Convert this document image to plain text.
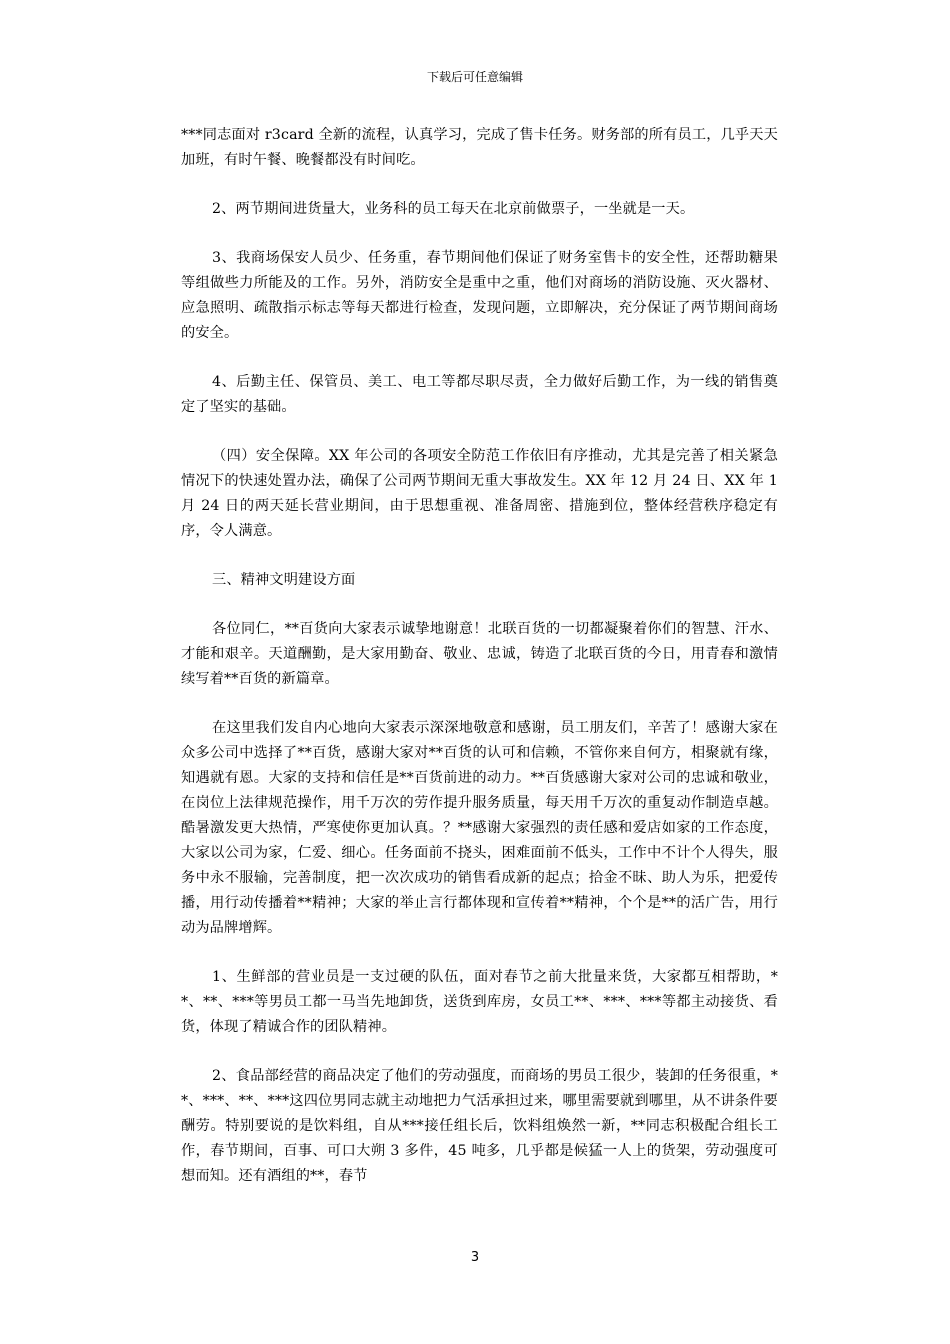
下载后可任意编辑

***同志面对 r3card 全新的流程，认真学习，完成了售卡任务。财务部的所有员工，几乎天天加班，有时午餐、晚餐都没有时间吃。

2、两节期间进货量大，业务科的员工每天在北京前做票子，一坐就是一天。

3、我商场保安人员少、任务重，春节期间他们保证了财务室售卡的安全性，还帮助糖果等组做些力所能及的工作。另外，消防安全是重中之重，他们对商场的消防设施、灭火器材、应急照明、疏散指示标志等每天都进行检查，发现问题，立即解决，充分保证了两节期间商场的安全。

4、后勤主任、保管员、美工、电工等都尽职尽责，全力做好后勤工作，为一线的销售奠定了坚实的基础。

（四）安全保障。XX 年公司的各项安全防范工作依旧有序推动，尤其是完善了相关紧急情况下的快速处置办法，确保了公司两节期间无重大事故发生。XX 年 12 月 24 日、XX 年 1 月 24 日的两天延长营业期间，由于思想重视、准备周密、措施到位，整体经营秩序稳定有序，令人满意。

三、精神文明建设方面

各位同仁，**百货向大家表示诚挚地谢意！北联百货的一切都凝聚着你们的智慧、汗水、才能和艰辛。天道酬勤，是大家用勤奋、敬业、忠诚，铸造了北联百货的今日，用青春和激情续写着**百货的新篇章。

在这里我们发自内心地向大家表示深深地敬意和感谢，员工朋友们，辛苦了！感谢大家在众多公司中选择了**百货，感谢大家对**百货的认可和信赖，不管你来自何方，相聚就有缘，知遇就有恩。大家的支持和信任是**百货前进的动力。**百货感谢大家对公司的忠诚和敬业，在岗位上法律规范操作，用千万次的劳作提升服务质量，每天用千万次的重复动作制造卓越。酷暑激发更大热情，严寒使你更加认真。？**感谢大家强烈的责任感和爱店如家的工作态度，大家以公司为家，仁爱、细心。任务面前不挠头，困难面前不低头，工作中不计个人得失，服务中永不服输，完善制度，把一次次成功的销售看成新的起点；拾金不昧、助人为乐，把爱传播，用行动传播着**精神；大家的举止言行都体现和宣传着**精神，个个是**的活广告，用行动为品牌增辉。

1、生鲜部的营业员是一支过硬的队伍，面对春节之前大批量来货，大家都互相帮助，**、**、***等男员工都一马当先地卸货，送货到库房，女员工**、***、***等都主动接货、看货，体现了精诚合作的团队精神。

2、食品部经营的商品决定了他们的劳动强度，而商场的男员工很少，装卸的任务很重，**、***、**、***这四位男同志就主动地把力气活承担过来，哪里需要就到哪里，从不讲条件要酬劳。特别要说的是饮料组，自从***接任组长后，饮料组焕然一新，**同志积极配合组长工作，春节期间，百事、可口大朔 3 多件，45 吨多，几乎都是候猛一人上的货架，劳动强度可想而知。还有酒组的**，春节

3
